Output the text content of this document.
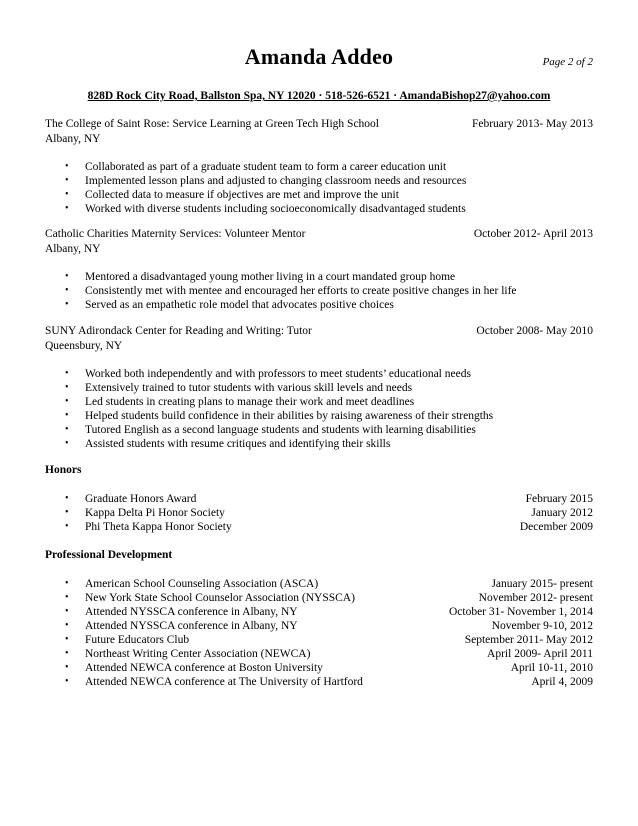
Amanda Addeo	Page 2 of 2
828D Rock City Road, Ballston Spa, NY 12020 · 518-526-6521 · AmandaBishop27@yahoo.com
The College of Saint Rose: Service Learning at Green Tech High School	February 2013- May 2013
Albany, NY
• Collaborated as part of a graduate student team to form a career education unit
• Implemented lesson plans and adjusted to changing classroom needs and resources
• Collected data to measure if objectives are met and improve the unit
• Worked with diverse students including socioeconomically disadvantaged students
Catholic Charities Maternity Services: Volunteer Mentor	October 2012- April 2013
Albany, NY
• Mentored a disadvantaged young mother living in a court mandated group home
• Consistently met with mentee and encouraged her efforts to create positive changes in her life
• Served as an empathetic role model that advocates positive choices
SUNY Adirondack Center for Reading and Writing: Tutor	October 2008- May 2010
Queensbury, NY
• Worked both independently and with professors to meet students’ educational needs
• Extensively trained to tutor students with various skill levels and needs
• Led students in creating plans to manage their work and meet deadlines
• Helped students build confidence in their abilities by raising awareness of their strengths
• Tutored English as a second language students and students with learning disabilities
• Assisted students with resume critiques and identifying their skills
Honors
• Graduate Honors Award	February 2015
• Kappa Delta Pi Honor Society	January 2012
• Phi Theta Kappa Honor Society	December 2009
Professional Development
• American School Counseling Association (ASCA)	January 2015- present
• New York State School Counselor Association (NYSSCA)	November 2012- present
• Attended NYSSCA conference in Albany, NY	October 31- November 1, 2014
• Attended NYSSCA conference in Albany, NY	November 9-10, 2012
• Future Educators Club	September 2011- May 2012
• Northeast Writing Center Association (NEWCA)	April 2009- April 2011
• Attended NEWCA conference at Boston University	April 10-11, 2010
• Attended NEWCA conference at The University of Hartford	April 4, 2009
